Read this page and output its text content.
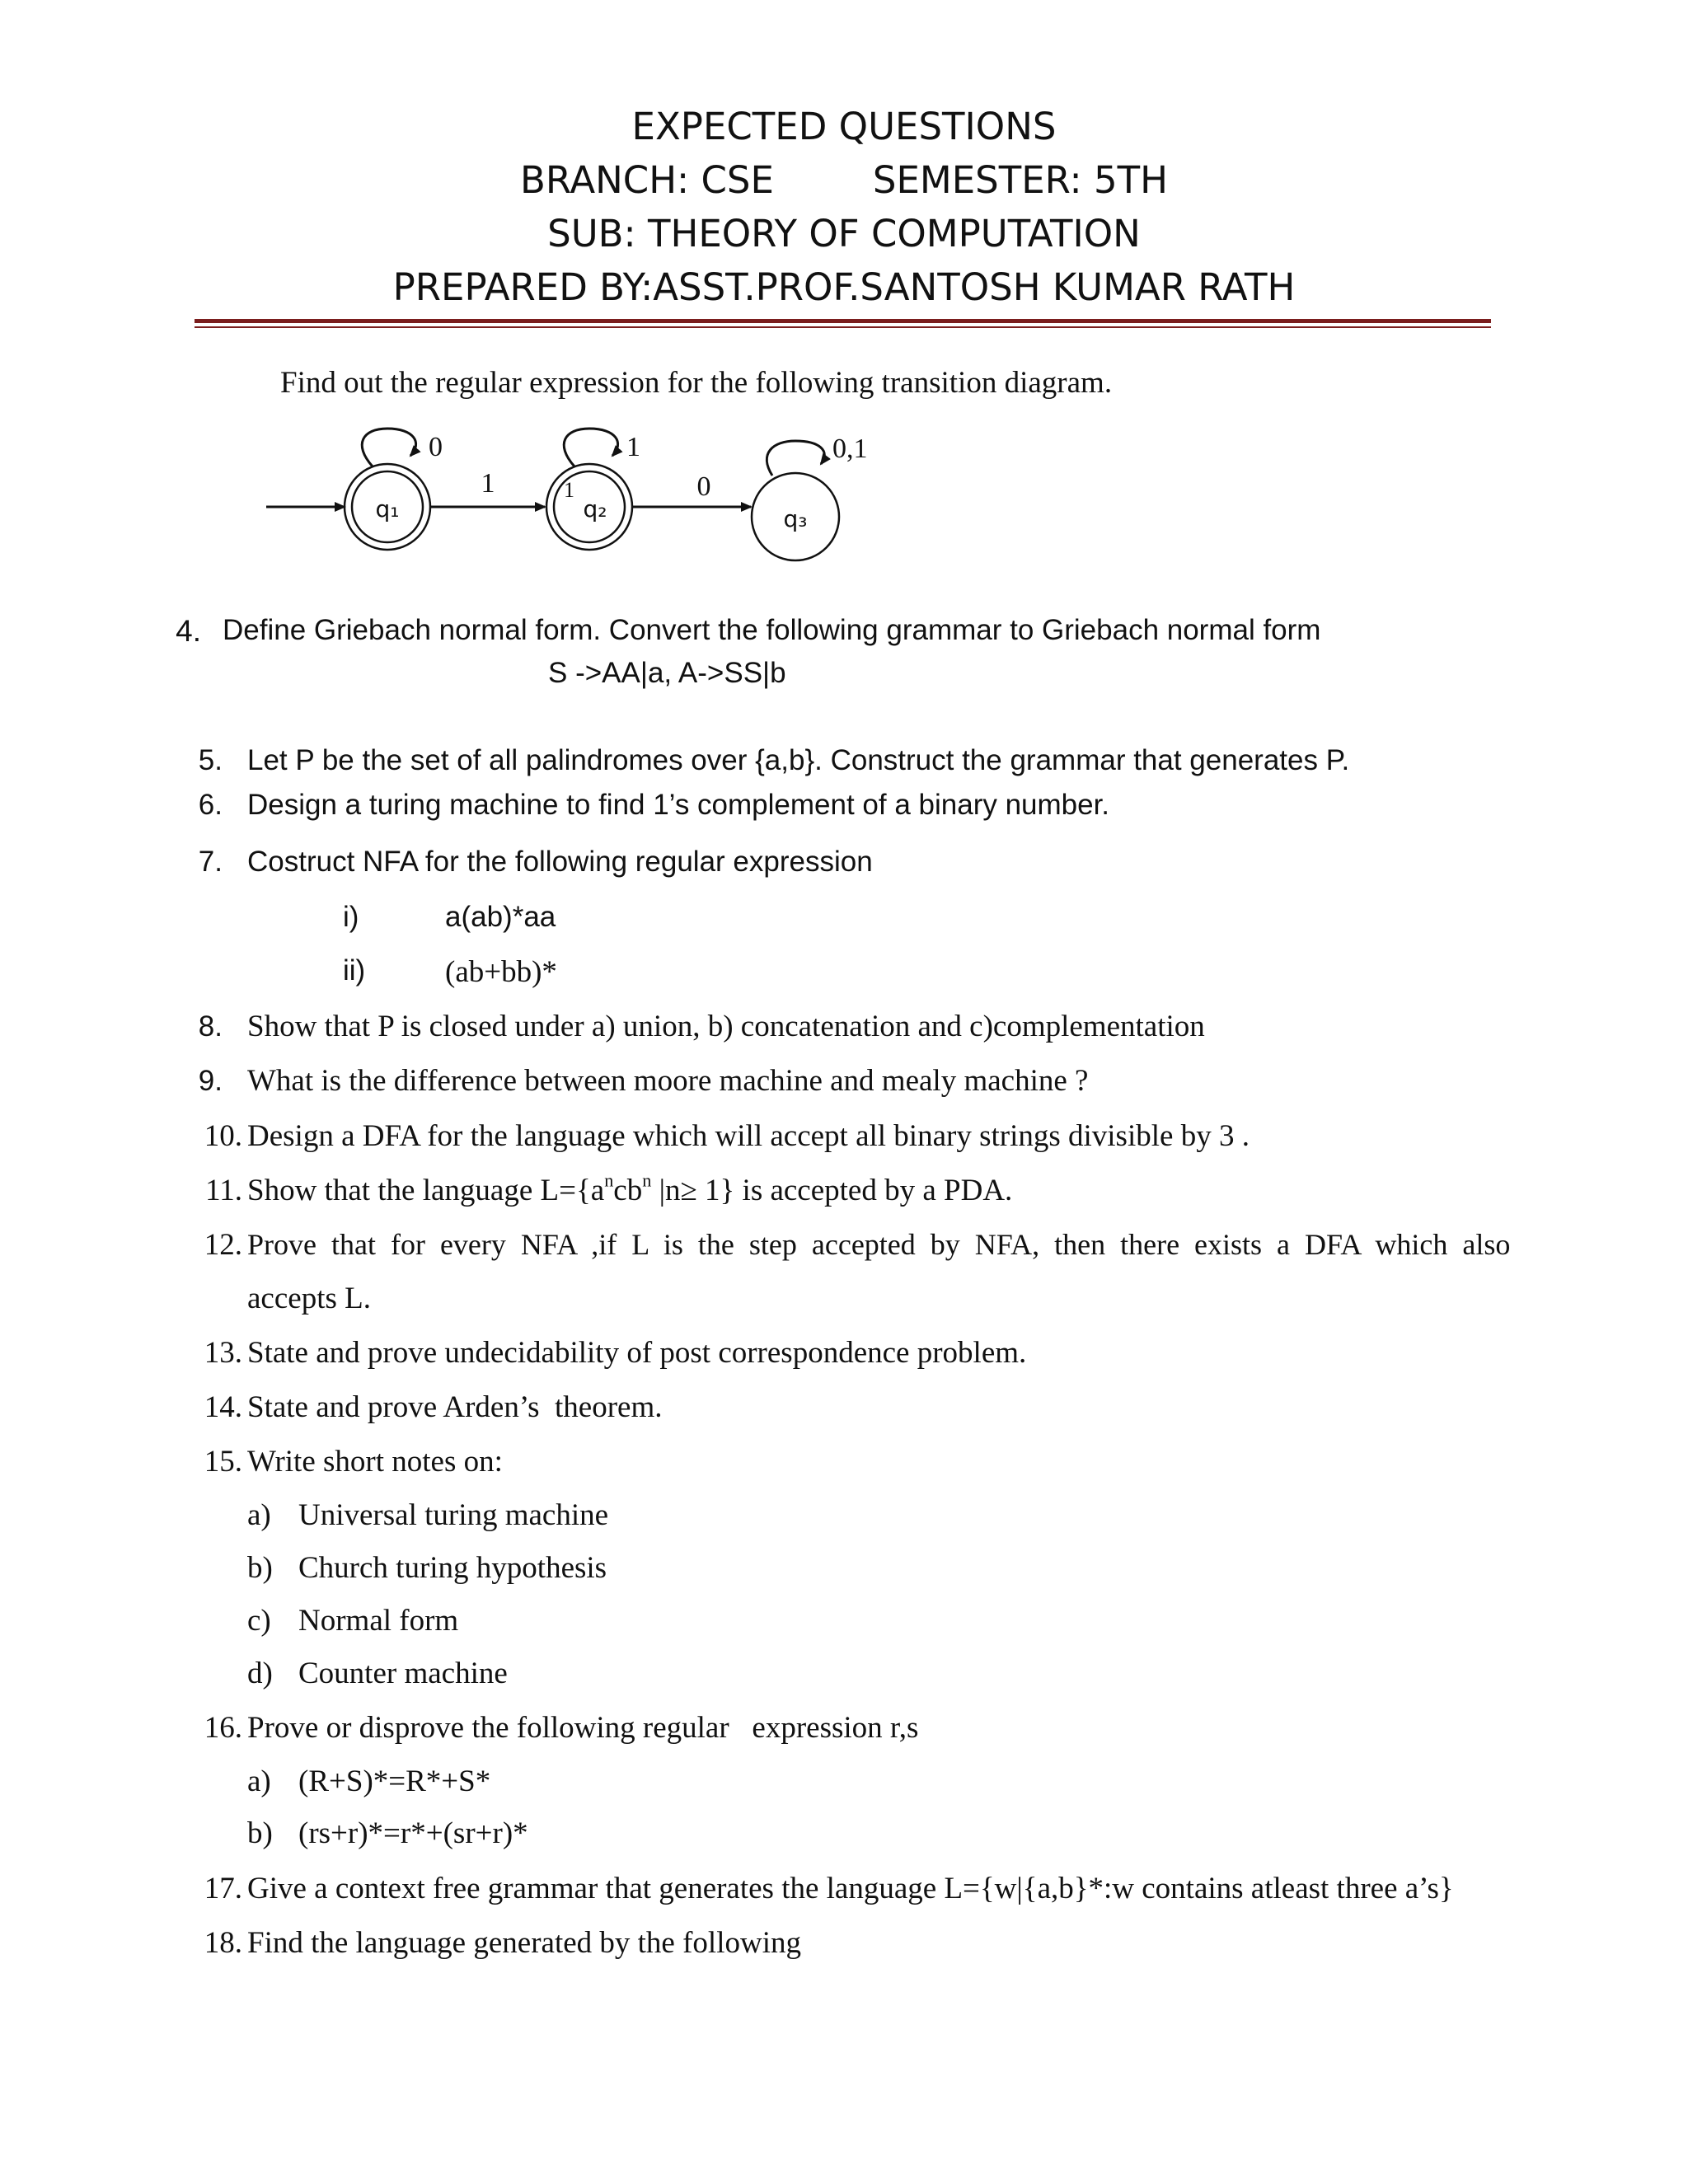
EXPECTED QUESTIONS
BRANCH: CSE	SEMESTER: 5TH
SUB: THEORY OF COMPUTATION
PREPARED BY:ASST.PROF.SANTOSH KUMAR RATH
Find out the regular expression for the following transition diagram.
q₁
0
1
q₂
1
1
0
q₃
0,1
4. Define Griebach normal form. Convert the following grammar to Griebach normal form
S ->AA|a, A->SS|b
5. Let P be the set of all palindromes over {a,b}. Construct the grammar that generates P.
6. Design a turing machine to find 1’s complement of a binary number.
7. Costruct NFA for the following regular expression
i)	a(ab)*aa
ii)	(ab+bb)*
8. Show that P is closed under a) union, b) concatenation and c)complementation
9. What is the difference between moore machine and mealy machine ?
10. Design a DFA for the language which will accept all binary strings divisible by 3 .
11. Show that the language $L=\{a^ncb^n$ |n≥ 1} is accepted by a PDA.
12. Prove  that  for  every  NFA  ,if  L  is  the  step  accepted  by  NFA,  then  there  exists  a  DFA  which  also
accepts L.
13. State and prove undecidability of post correspondence problem.
14. State and prove Arden’s  theorem.
15. Write short notes on:
a) Universal turing machine
b) Church turing hypothesis
c) Normal form
d) Counter machine
16. Prove or disprove the following regular   expression r,s
a) (R+S)*=R*+S*
b) (rs+r)*=r*+(sr+r)*
17. Give a context free grammar that generates the language L={w|{a,b}*:w contains atleast three a’s}
18. Find the language generated by the following
